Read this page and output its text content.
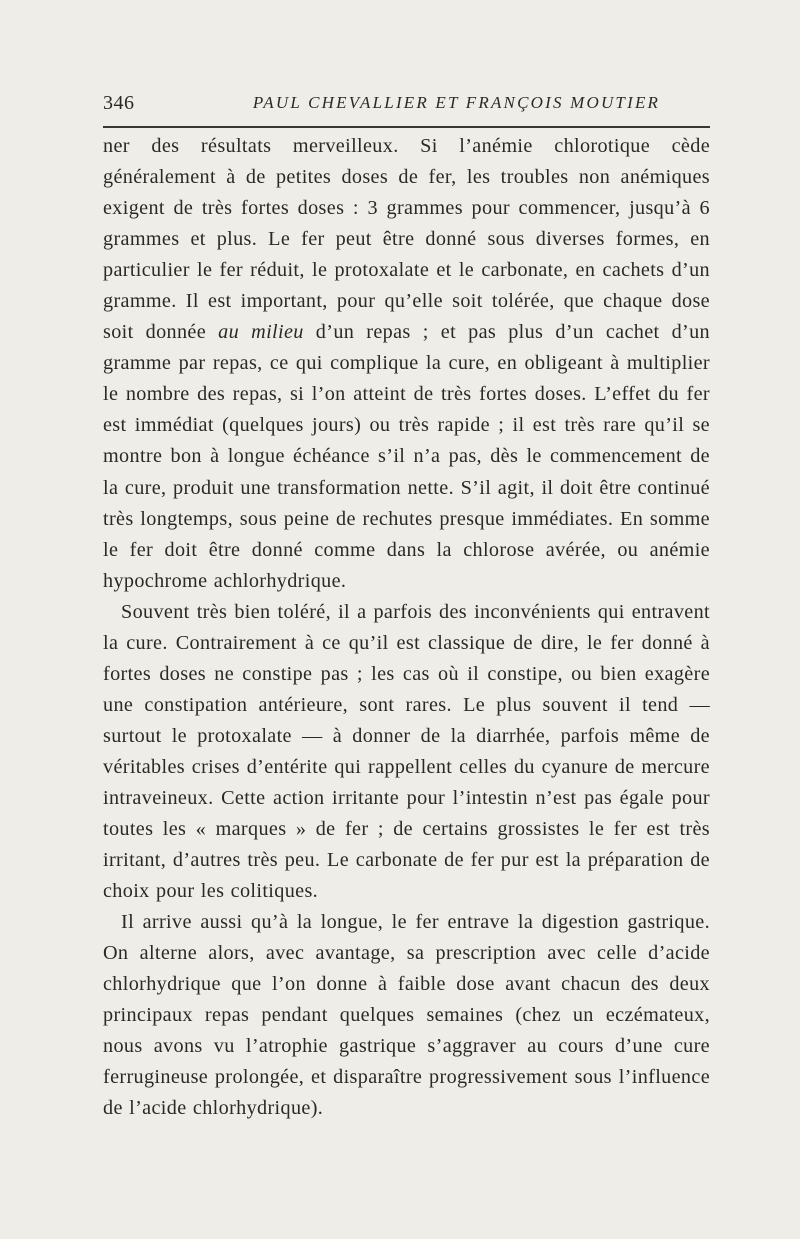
346	PAUL CHEVALLIER ET FRANÇOIS MOUTIER

ner des résultats merveilleux. Si l’anémie chlorotique cède généralement à de petites doses de fer, les troubles non anémiques exigent de très fortes doses : 3 grammes pour commencer, jusqu’à 6 grammes et plus. Le fer peut être donné sous diverses formes, en particulier le fer réduit, le protoxalate et le carbonate, en cachets d’un gramme. Il est important, pour qu’elle soit tolérée, que chaque dose soit donnée au milieu d’un repas ; et pas plus d’un cachet d’un gramme par repas, ce qui complique la cure, en obligeant à multiplier le nombre des repas, si l’on atteint de très fortes doses. L’effet du fer est immédiat (quelques jours) ou très rapide ; il est très rare qu’il se montre bon à longue échéance s’il n’a pas, dès le commencement de la cure, produit une transformation nette. S’il agit, il doit être continué très longtemps, sous peine de rechutes presque immédiates. En somme le fer doit être donné comme dans la chlorose avérée, ou anémie hypochrome achlorhydrique.

Souvent très bien toléré, il a parfois des inconvénients qui entravent la cure. Contrairement à ce qu’il est classique de dire, le fer donné à fortes doses ne constipe pas ; les cas où il constipe, ou bien exagère une constipation antérieure, sont rares. Le plus souvent il tend — surtout le protoxalate — à donner de la diarrhée, parfois même de véritables crises d’entérite qui rappellent celles du cyanure de mercure intraveineux. Cette action irritante pour l’intestin n’est pas égale pour toutes les « marques » de fer ; de certains grossistes le fer est très irritant, d’autres très peu. Le carbonate de fer pur est la préparation de choix pour les colitiques.

Il arrive aussi qu’à la longue, le fer entrave la digestion gastrique. On alterne alors, avec avantage, sa prescription avec celle d’acide chlorhydrique que l’on donne à faible dose avant chacun des deux principaux repas pendant quelques semaines (chez un eczémateux, nous avons vu l’atrophie gastrique s’aggraver au cours d’une cure ferrugineuse prolongée, et disparaître progressivement sous l’influence de l’acide chlorhydrique).
